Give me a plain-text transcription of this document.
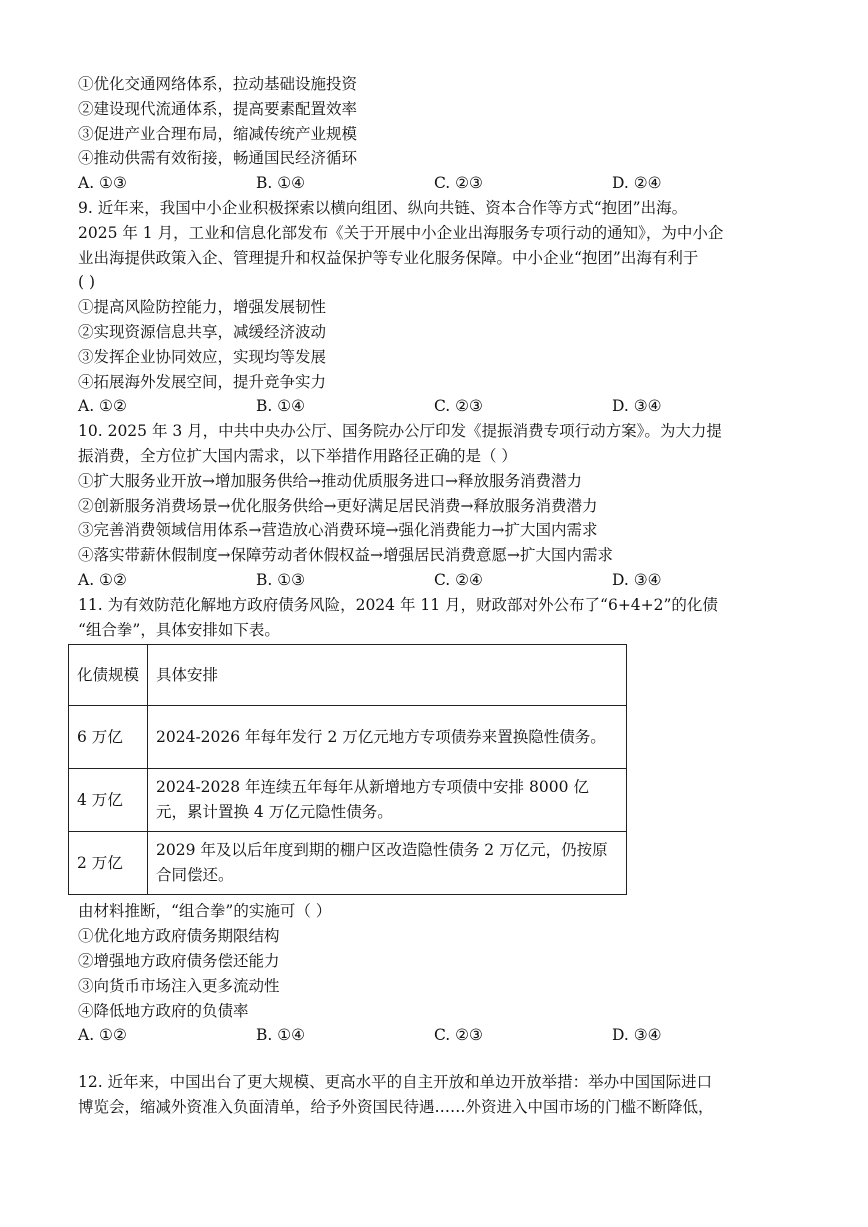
①优化交通网络体系，拉动基础设施投资
②建设现代流通体系，提高要素配置效率
③促进产业合理布局，缩减传统产业规模
④推动供需有效衔接，畅通国民经济循环
A. ①③	B. ①④	C. ②③	D. ②④
9. 近年来，我国中小企业积极探索以横向组团、纵向共链、资本合作等方式“抱团”出海。
2025 年 1 月，工业和信息化部发布《关于开展中小企业出海服务专项行动的通知》，为中小企
业出海提供政策入企、管理提升和权益保护等专业化服务保障。中小企业“抱团”出海有利于
( )
①提高风险防控能力，增强发展韧性
②实现资源信息共享，减缓经济波动
③发挥企业协同效应，实现均等发展
④拓展海外发展空间，提升竞争实力
A. ①②	B. ①④	C. ②③	D. ③④
10. 2025 年 3 月，中共中央办公厅、国务院办公厅印发《提振消费专项行动方案》。为大力提
振消费，全方位扩大国内需求，以下举措作用路径正确的是（ ）
①扩大服务业开放→增加服务供给→推动优质服务进口→释放服务消费潜力
②创新服务消费场景→优化服务供给→更好满足居民消费→释放服务消费潜力
③完善消费领域信用体系→营造放心消费环境→强化消费能力→扩大国内需求
④落实带薪休假制度→保障劳动者休假权益→增强居民消费意愿→扩大国内需求
A. ①②	B. ①③	C. ②④	D. ③④
11. 为有效防范化解地方政府债务风险，2024 年 11 月，财政部对外公布了“6+4+2”的化债
“组合拳”，具体安排如下表。
化债规模	具体安排
6 万亿	2024-2026 年每年发行 2 万亿元地方专项债券来置换隐性债务。
4 万亿	2024-2028 年连续五年每年从新增地方专项债中安排 8000 亿元，累计置换 4 万亿元隐性债务。
2 万亿	2029 年及以后年度到期的棚户区改造隐性债务 2 万亿元，仍按原合同偿还。
由材料推断，“组合拳”的实施可（ ）
①优化地方政府债务期限结构
②增强地方政府债务偿还能力
③向货币市场注入更多流动性
④降低地方政府的负债率
A. ①②	B. ①④	C. ②③	D. ③④
12. 近年来，中国出台了更大规模、更高水平的自主开放和单边开放举措：举办中国国际进口
博览会，缩减外资准入负面清单，给予外资国民待遇……外资进入中国市场的门槛不断降低，
